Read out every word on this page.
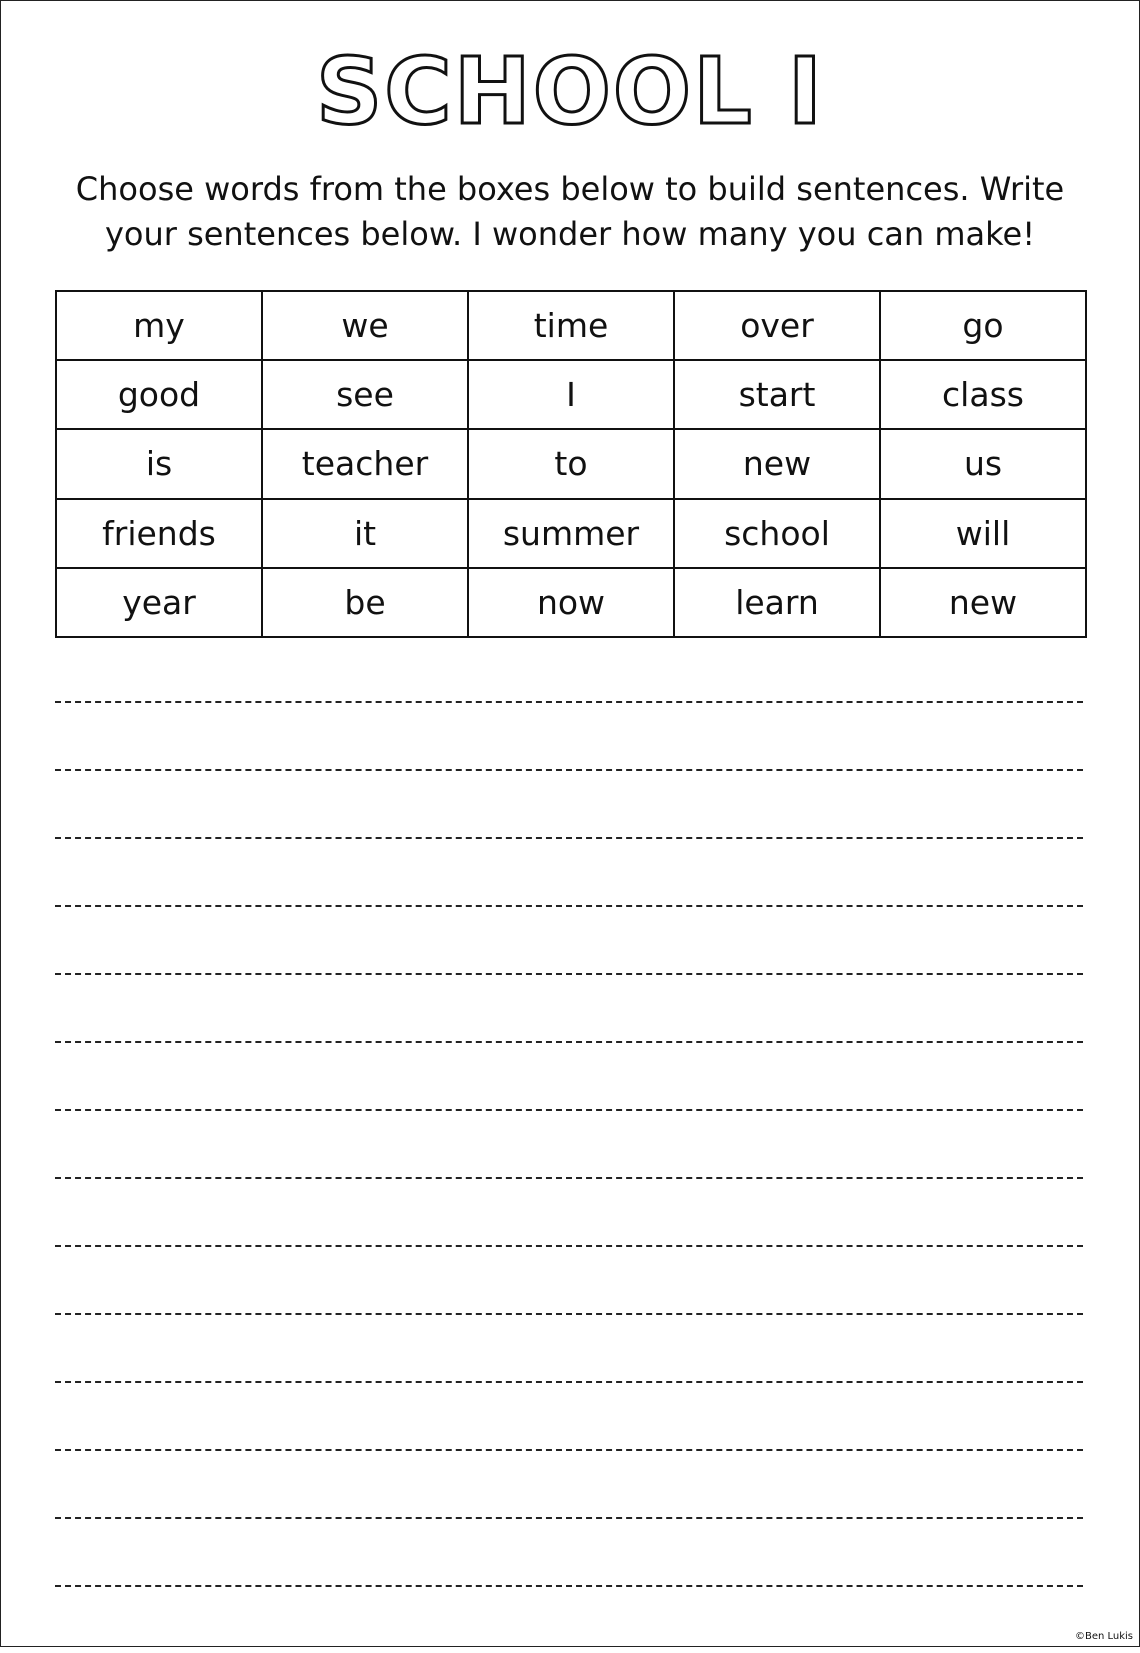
SCHOOL I

Choose words from the boxes below to build sentences. Write your sentences below. I wonder how many you can make!

my	we	time	over	go
good	see	I	start	class
is	teacher	to	new	us
friends	it	summer	school	will
year	be	now	learn	new
©Ben Lukis
